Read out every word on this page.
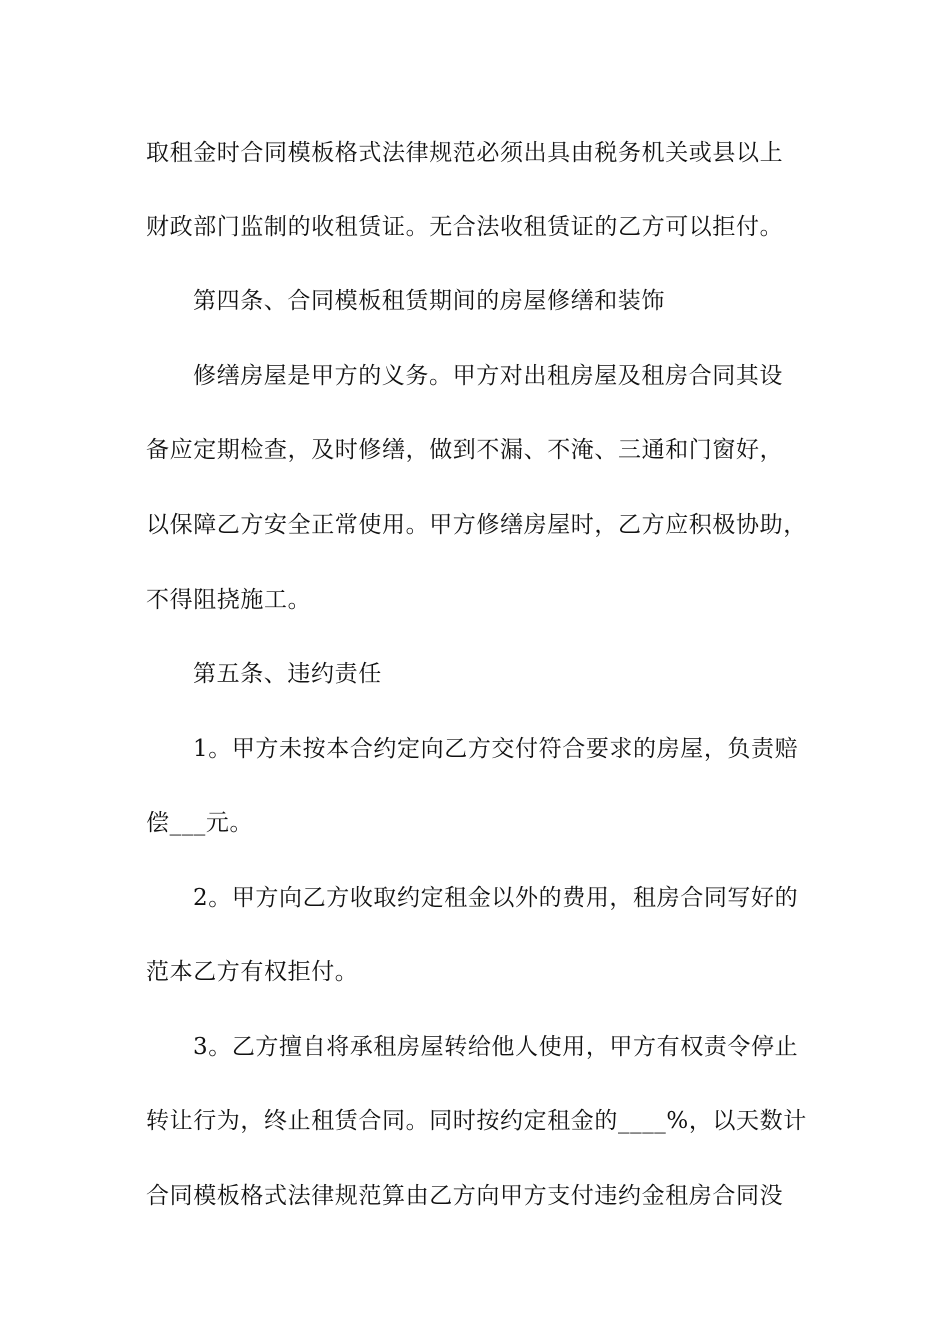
取租金时合同模板格式法律规范必须出具由税务机关或县以上
财政部门监制的收租赁证。无合法收租赁证的乙方可以拒付。
第四条、合同模板租赁期间的房屋修缮和装饰
修缮房屋是甲方的义务。甲方对出租房屋及租房合同其设
备应定期检查，及时修缮，做到不漏、不淹、三通和门窗好，
以保障乙方安全正常使用。甲方修缮房屋时，乙方应积极协助，
不得阻挠施工。
第五条、违约责任
1。甲方未按本合约定向乙方交付符合要求的房屋，负责赔
偿___元。
2。甲方向乙方收取约定租金以外的费用，租房合同写好的
范本乙方有权拒付。
3。乙方擅自将承租房屋转给他人使用，甲方有权责令停止
转让行为，终止租赁合同。同时按约定租金的____%，以天数计
合同模板格式法律规范算由乙方向甲方支付违约金租房合同没
